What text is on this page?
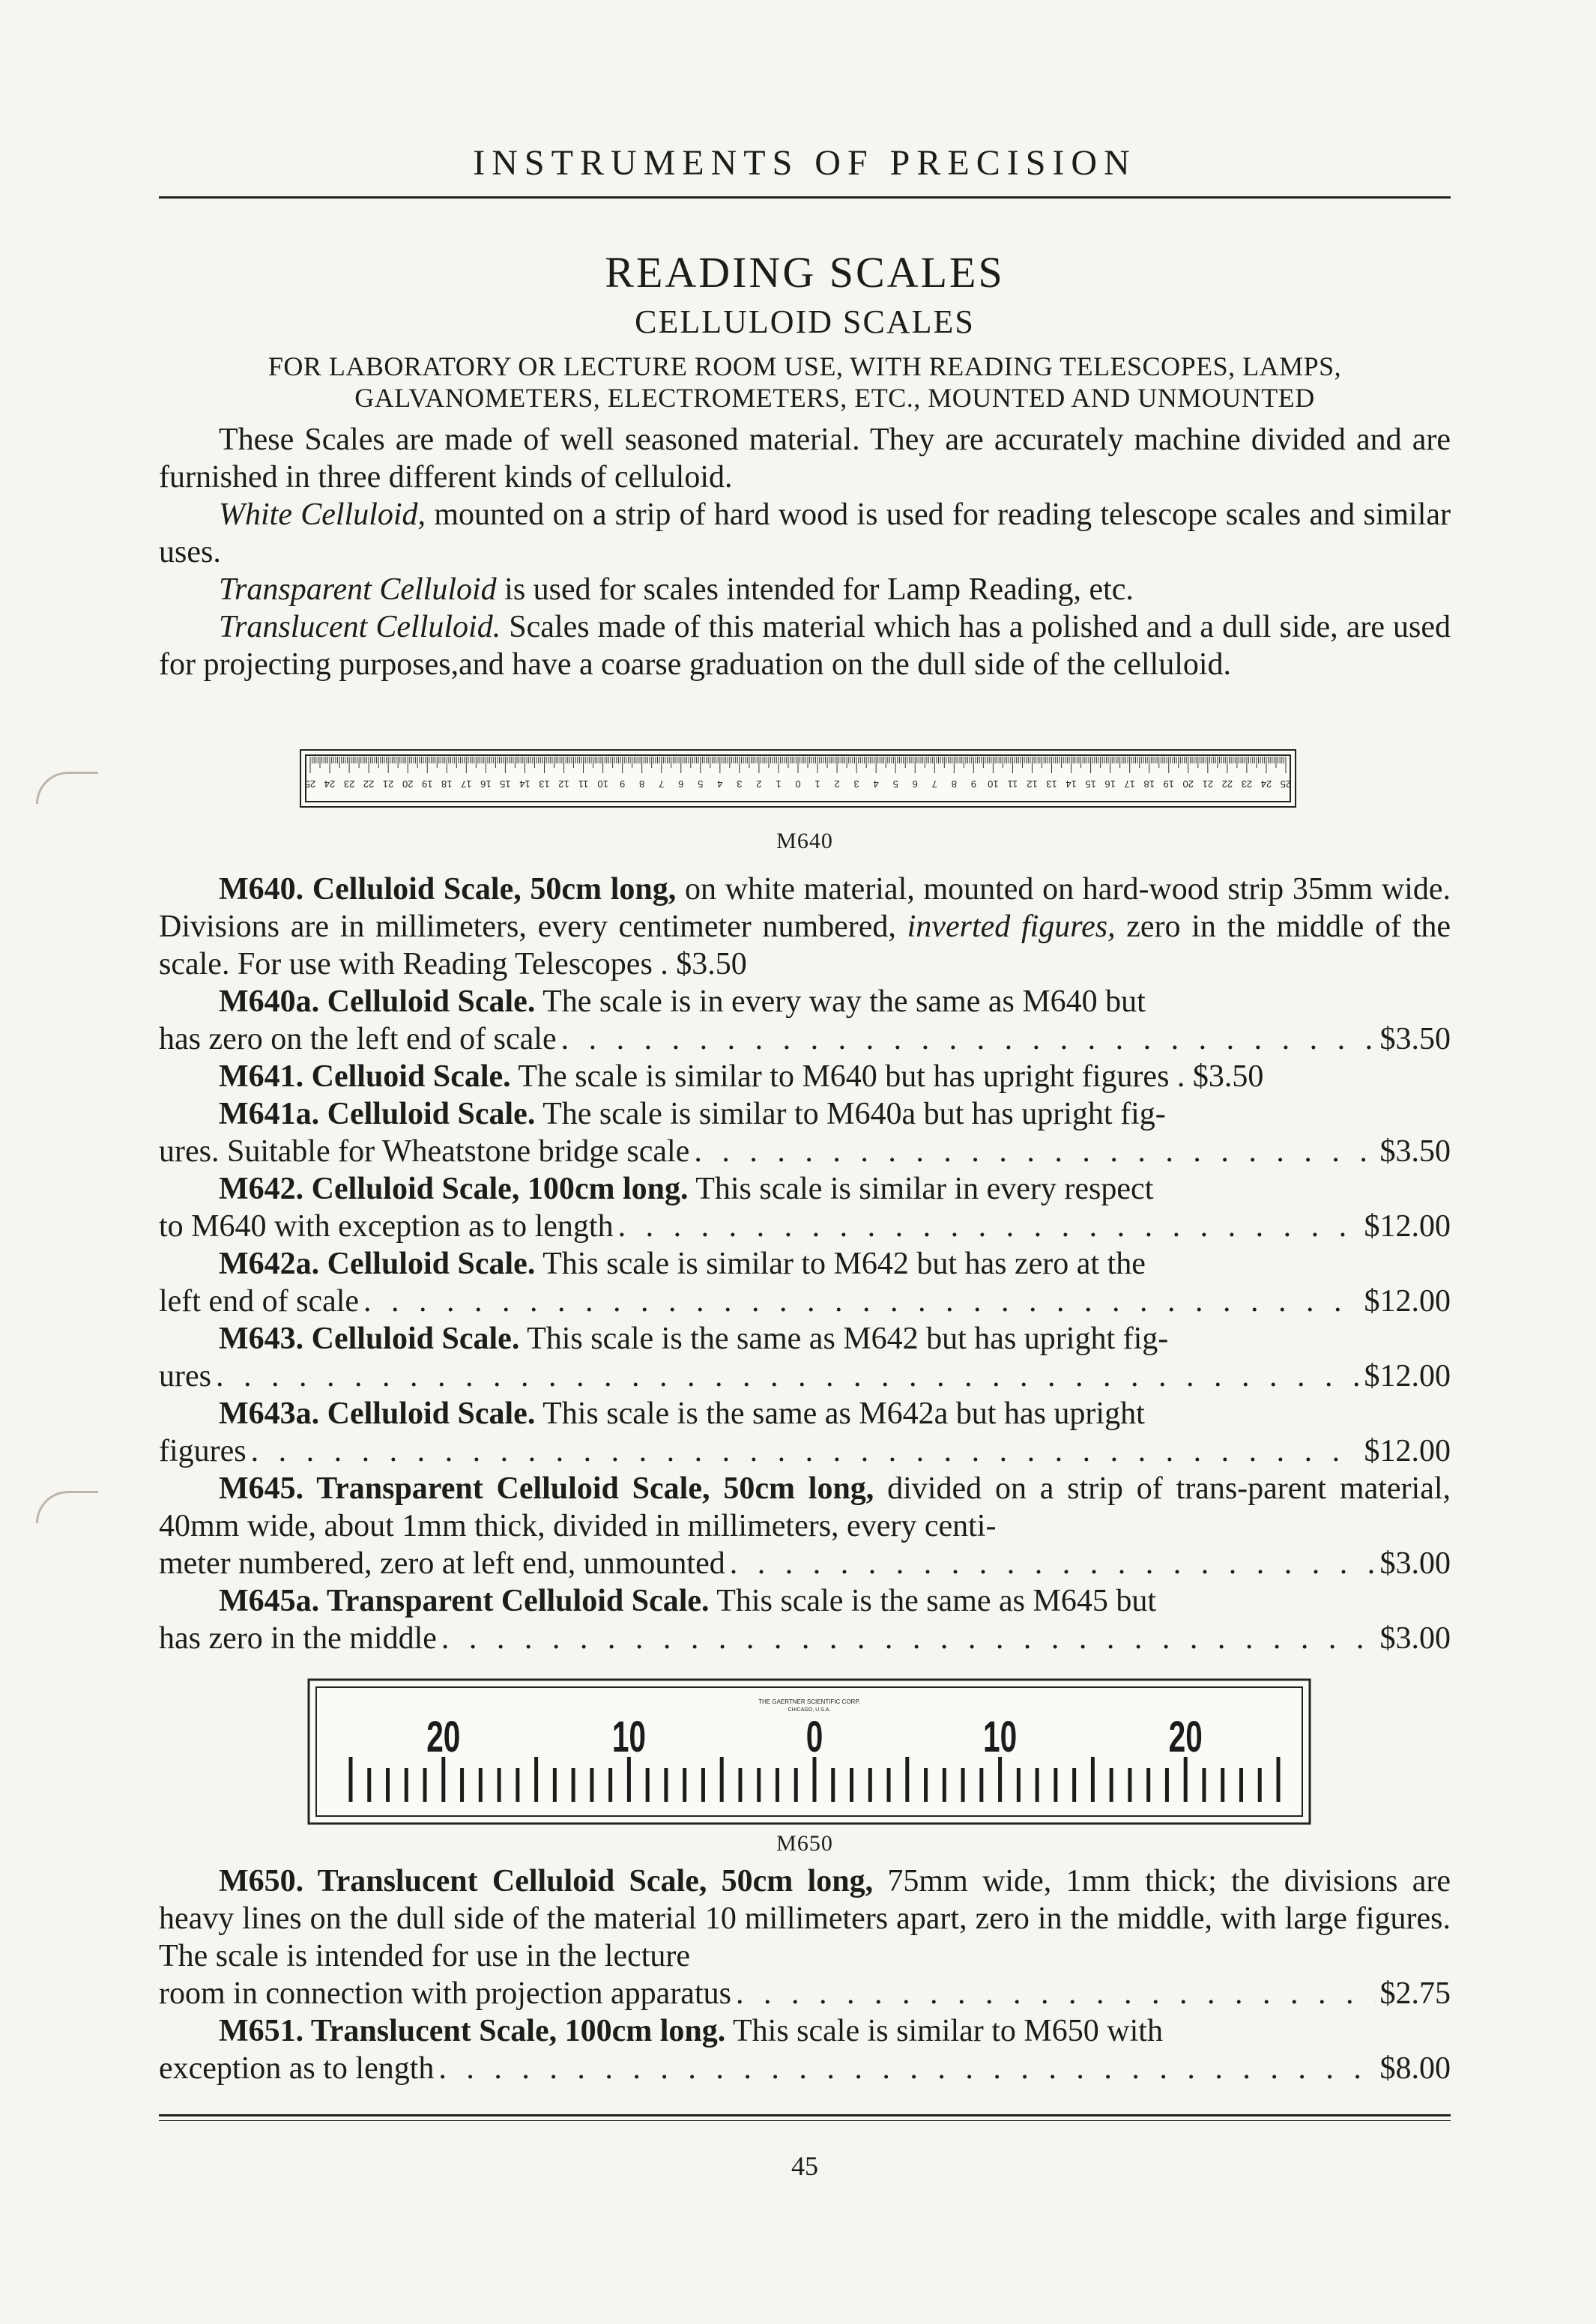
INSTRUMENTS OF PRECISION
READING SCALES
CELLULOID SCALES
FOR LABORATORY OR LECTURE ROOM USE, WITH READING TELESCOPES, LAMPS,
GALVANOMETERS, ELECTROMETERS, ETC., MOUNTED AND UNMOUNTED

These Scales are made of well seasoned material. They are accurately machine divided and are furnished in three different kinds of celluloid.

White Celluloid, mounted on a strip of hard wood is used for reading telescope scales and similar uses.

Transparent Celluloid is used for scales intended for Lamp Reading, etc.

Translucent Celluloid. Scales made of this material which has a polished and a dull side, are used for projecting purposes,and have a coarse graduation on the dull side of the celluloid.

25 24 23 22 21 20 19 18 17 16 15 14 13 12 11 10 9 8 7 6 5 4 3 2 1 0 1 2 3 4 5 6 7 8 9 10 11 12 13 14 15 16 17 18 19 20 21 22 23 24 25
M640

M640. Celluloid Scale, 50cm long, on white material, mounted on hard-wood strip 35mm wide. Divisions are in millimeters, every centimeter numbered, inverted figures, zero in the middle of the scale. For use with Reading Telescopes . $3.50

M640a. Celluloid Scale. The scale is in every way the same as M640 but

has zero on the left end of scale . . .	$3.50

M641. Celluoid Scale. The scale is similar to M640 but has upright figures . $3.50

M641a. Celluloid Scale. The scale is similar to M640a but has upright fig-

ures. Suitable for Wheatstone bridge scale . . .	$3.50

M642. Celluloid Scale, 100cm long. This scale is similar in every respect

to M640 with exception as to length . . .	$12.00

M642a. Celluloid Scale. This scale is similar to M642 but has zero at the

left end of scale . . .	$12.00

M643. Celluloid Scale. This scale is the same as M642 but has upright fig-

ures . . .	$12.00

M643a. Celluloid Scale. This scale is the same as M642a but has upright

figures . . .	$12.00

M645. Transparent Celluloid Scale, 50cm long, divided on a strip of trans-parent material, 40mm wide, about 1mm thick, divided in millimeters, every centi-

meter numbered, zero at left end, unmounted . . .	$3.00

M645a. Transparent Celluloid Scale. This scale is the same as M645 but

has zero in the middle . . .	$3.00
THE GAERTNER SCIENTIFIC CORP.
CHICAGO, U.S.A.
20	10	0	10	20
M650

M650. Translucent Celluloid Scale, 50cm long, 75mm wide, 1mm thick; the divisions are heavy lines on the dull side of the material 10 millimeters apart, zero in the middle, with large figures. The scale is intended for use in the lecture

room in connection with projection apparatus . . .	$2.75

M651. Translucent Scale, 100cm long. This scale is similar to M650 with

exception as to length . . .	$8.00
45
